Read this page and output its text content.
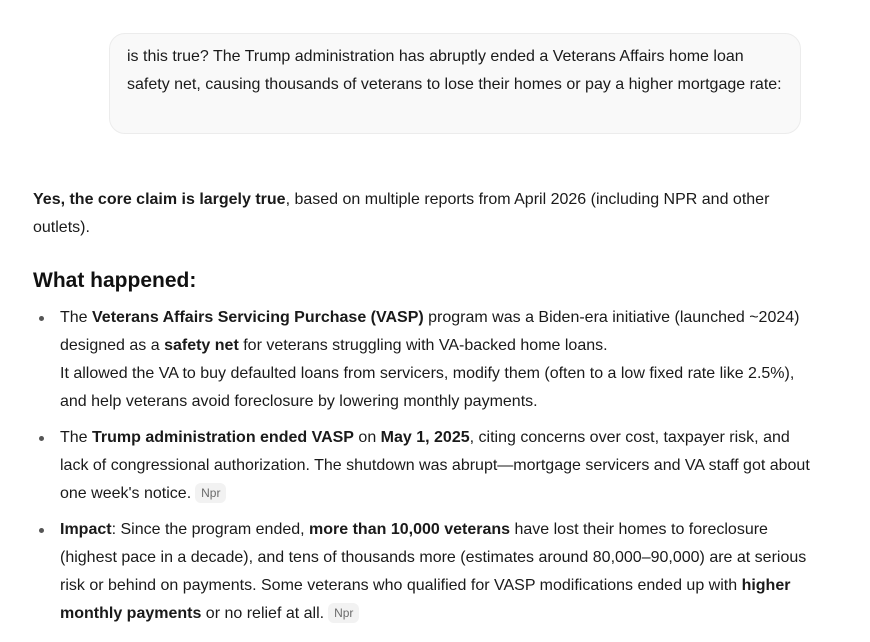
is this true? The Trump administration has abruptly ended a Veterans Affairs home loan safety net, causing thousands of veterans to lose their homes or pay a higher mortgage rate:

Yes, the core claim is largely true, based on multiple reports from April 2026 (including NPR and other outlets).

What happened:
The Veterans Affairs Servicing Purchase (VASP) program was a Biden-era initiative (launched ~2024) designed as a safety net for veterans struggling with VA-backed home loans.
It allowed the VA to buy defaulted loans from servicers, modify them (often to a low fixed rate like 2.5%), and help veterans avoid foreclosure by lowering monthly payments.
The Trump administration ended VASP on May 1, 2025, citing concerns over cost, taxpayer risk, and lack of congressional authorization. The shutdown was abrupt—mortgage servicers and VA staff got about one week's notice. Npr
Impact: Since the program ended, more than 10,000 veterans have lost their homes to foreclosure (highest pace in a decade), and tens of thousands more (estimates around 80,000–90,000) are at serious risk or behind on payments. Some veterans who qualified for VASP modifications ended up with higher monthly payments or no relief at all. Npr
